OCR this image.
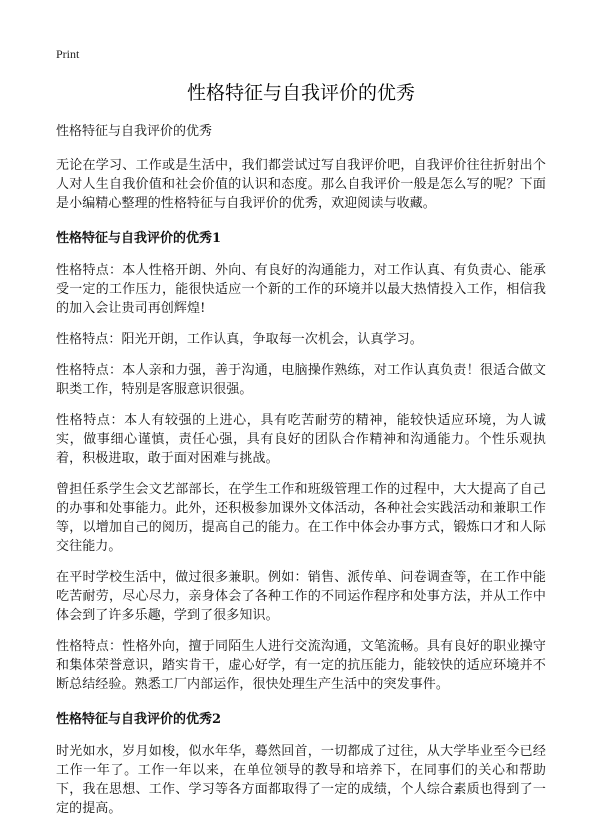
Print
性格特征与自我评价的优秀
性格特征与自我评价的优秀

无论在学习、工作或是生活中，我们都尝试过写自我评价吧，自我评价往往折射出个人对人生自我价值和社会价值的认识和态度。那么自我评价一般是怎么写的呢？下面是小编精心整理的性格特征与自我评价的优秀，欢迎阅读与收藏。

性格特征与自我评价的优秀1

性格特点：本人性格开朗、外向、有良好的沟通能力，对工作认真、有负责心、能承受一定的工作压力，能很快适应一个新的工作的环境并以最大热情投入工作，相信我的加入会让贵司再创辉煌!

性格特点：阳光开朗，工作认真，争取每一次机会，认真学习。

性格特点：本人亲和力强，善于沟通，电脑操作熟练，对工作认真负责！很适合做文职类工作，特别是客服意识很强。

性格特点：本人有较强的上进心，具有吃苦耐劳的精神，能较快适应环境，为人诚实，做事细心谨慎，责任心强，具有良好的团队合作精神和沟通能力。个性乐观执着，积极进取，敢于面对困难与挑战。

曾担任系学生会文艺部部长，在学生工作和班级管理工作的过程中，大大提高了自己的办事和处事能力。此外，还积极参加课外文体活动，各种社会实践活动和兼职工作等，以增加自己的阅历，提高自己的能力。在工作中体会办事方式，锻炼口才和人际交往能力。

在平时学校生活中，做过很多兼职。例如：销售、派传单、问卷调查等，在工作中能吃苦耐劳，尽心尽力，亲身体会了各种工作的不同运作程序和处事方法，并从工作中体会到了许多乐趣，学到了很多知识。

性格特点：性格外向，擅于同陌生人进行交流沟通，文笔流畅。具有良好的职业操守和集体荣誉意识，踏实肯干，虚心好学，有一定的抗压能力，能较快的适应环境并不断总结经验。熟悉工厂内部运作，很快处理生产生活中的突发事件。

性格特征与自我评价的优秀2

时光如水，岁月如梭，似水年华，蓦然回首，一切都成了过往，从大学毕业至今已经工作一年了。工作一年以来，在单位领导的教导和培养下，在同事们的关心和帮助下，我在思想、工作、学习等各方面都取得了一定的成绩，个人综合素质也得到了一定的提高。
